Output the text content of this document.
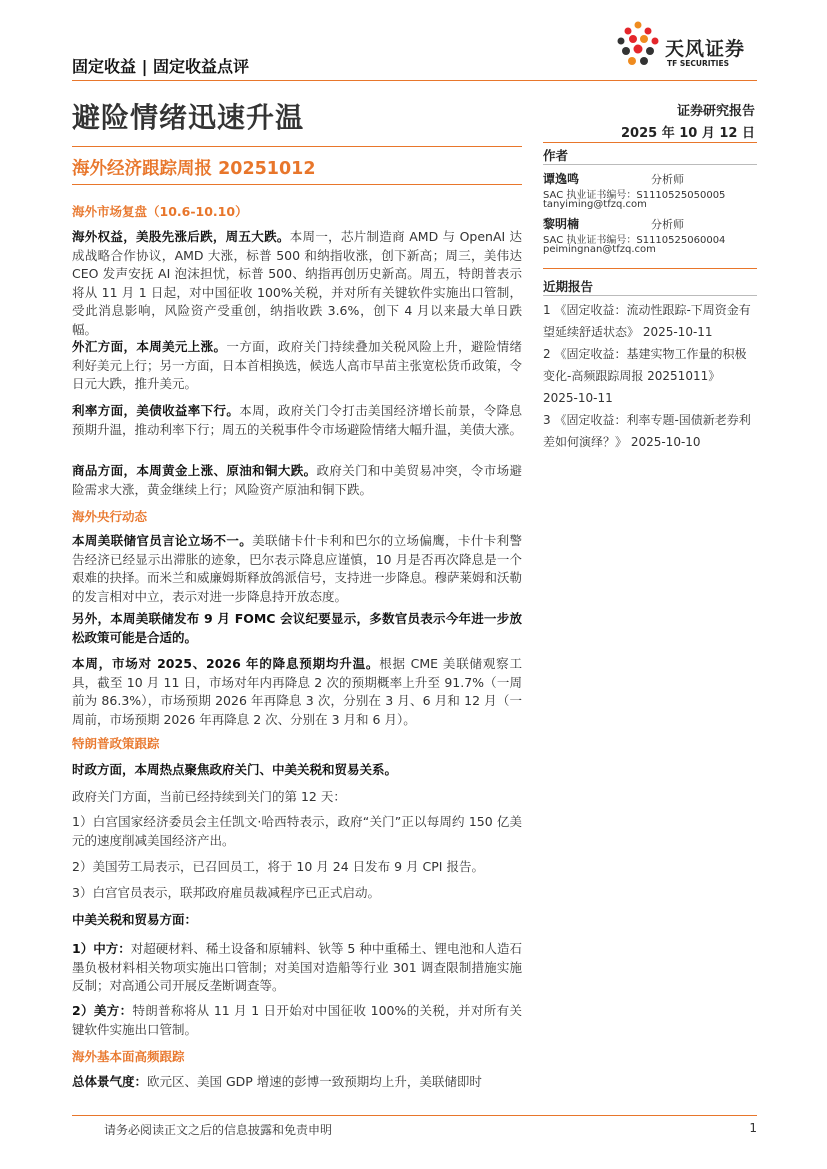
固定收益 | 固定收益点评
天风证券
TF SECURITIES
避险情绪迅速升温	证券研究报告
2025 年 10 月 12 日
海外经济跟踪周报 20251012
作者
谭逸鸣	分析师
SAC 执业证书编号：S1110525050005
tanyiming@tfzq.com
黎明楠	分析师
SAC 执业证书编号：S1110525060004
peimingnan@tfzq.com
近期报告

1 《固定收益：流动性跟踪-下周资金有望延续舒适状态》 2025-10-11

2 《固定收益：基建实物工作量的积极变化-高频跟踪周报 20251011》 2025-10-11

3 《固定收益：利率专题-国债新老券利差如何演绎？》 2025-10-10

海外市场复盘（10.6-10.10）

海外权益，美股先涨后跌，周五大跌。本周一，芯片制造商 AMD 与 OpenAI 达成战略合作协议，AMD 大涨，标普 500 和纳指收涨，创下新高；周三，美伟达 CEO 发声安抚 AI 泡沫担忧，标普 500、纳指再创历史新高。周五，特朗普表示将从 11 月 1 日起，对中国征收 100%关税，并对所有关键软件实施出口管制，受此消息影响，风险资产受重创，纳指收跌 3.6%，创下 4 月以来最大单日跌幅。

外汇方面，本周美元上涨。一方面，政府关门持续叠加关税风险上升，避险情绪利好美元上行；另一方面，日本首相换选，候选人高市早苗主张宽松货币政策，令日元大跌，推升美元。

利率方面，美债收益率下行。本周，政府关门令打击美国经济增长前景，令降息预期升温，推动利率下行；周五的关税事件令市场避险情绪大幅升温，美债大涨。

商品方面，本周黄金上涨、原油和铜大跌。政府关门和中美贸易冲突，令市场避险需求大涨，黄金继续上行；风险资产原油和铜下跌。

海外央行动态

本周美联储官员言论立场不一。美联储卡什卡利和巴尔的立场偏鹰，卡什卡利警告经济已经显示出滞胀的迹象，巴尔表示降息应谨慎，10 月是否再次降息是一个艰难的抉择。而米兰和威廉姆斯释放鸽派信号，支持进一步降息。穆萨莱姆和沃勒的发言相对中立，表示对进一步降息持开放态度。

另外，本周美联储发布 9 月 FOMC 会议纪要显示，多数官员表示今年进一步放松政策可能是合适的。

本周，市场对 2025、2026 年的降息预期均升温。根据 CME 美联储观察工具，截至 10 月 11 日，市场对年内再降息 2 次的预期概率上升至 91.7%（一周前为 86.3%），市场预期 2026 年再降息 3 次，分别在 3 月、6 月和 12 月（一周前，市场预期 2026 年再降息 2 次、分别在 3 月和 6 月）。

特朗普政策跟踪

时政方面，本周热点聚焦政府关门、中美关税和贸易关系。

政府关门方面，当前已经持续到关门的第 12 天：

1）白宫国家经济委员会主任凯文·哈西特表示，政府“关门”正以每周约 150 亿美元的速度削减美国经济产出。

2）美国劳工局表示，已召回员工，将于 10 月 24 日发布 9 月 CPI 报告。

3）白宫官员表示，联邦政府雇员裁减程序已正式启动。

中美关税和贸易方面：

1）中方：对超硬材料、稀土设备和原辅料、钬等 5 种中重稀土、锂电池和人造石墨负极材料相关物项实施出口管制；对美国对造船等行业 301 调查限制措施实施反制；对高通公司开展反垄断调查等。

2）美方：特朗普称将从 11 月 1 日开始对中国征收 100%的关税，并对所有关键软件实施出口管制。

海外基本面高频跟踪

总体景气度：欧元区、美国 GDP 增速的彭博一致预期均上升，美联储即时

请务必阅读正文之后的信息披露和免责申明	1
